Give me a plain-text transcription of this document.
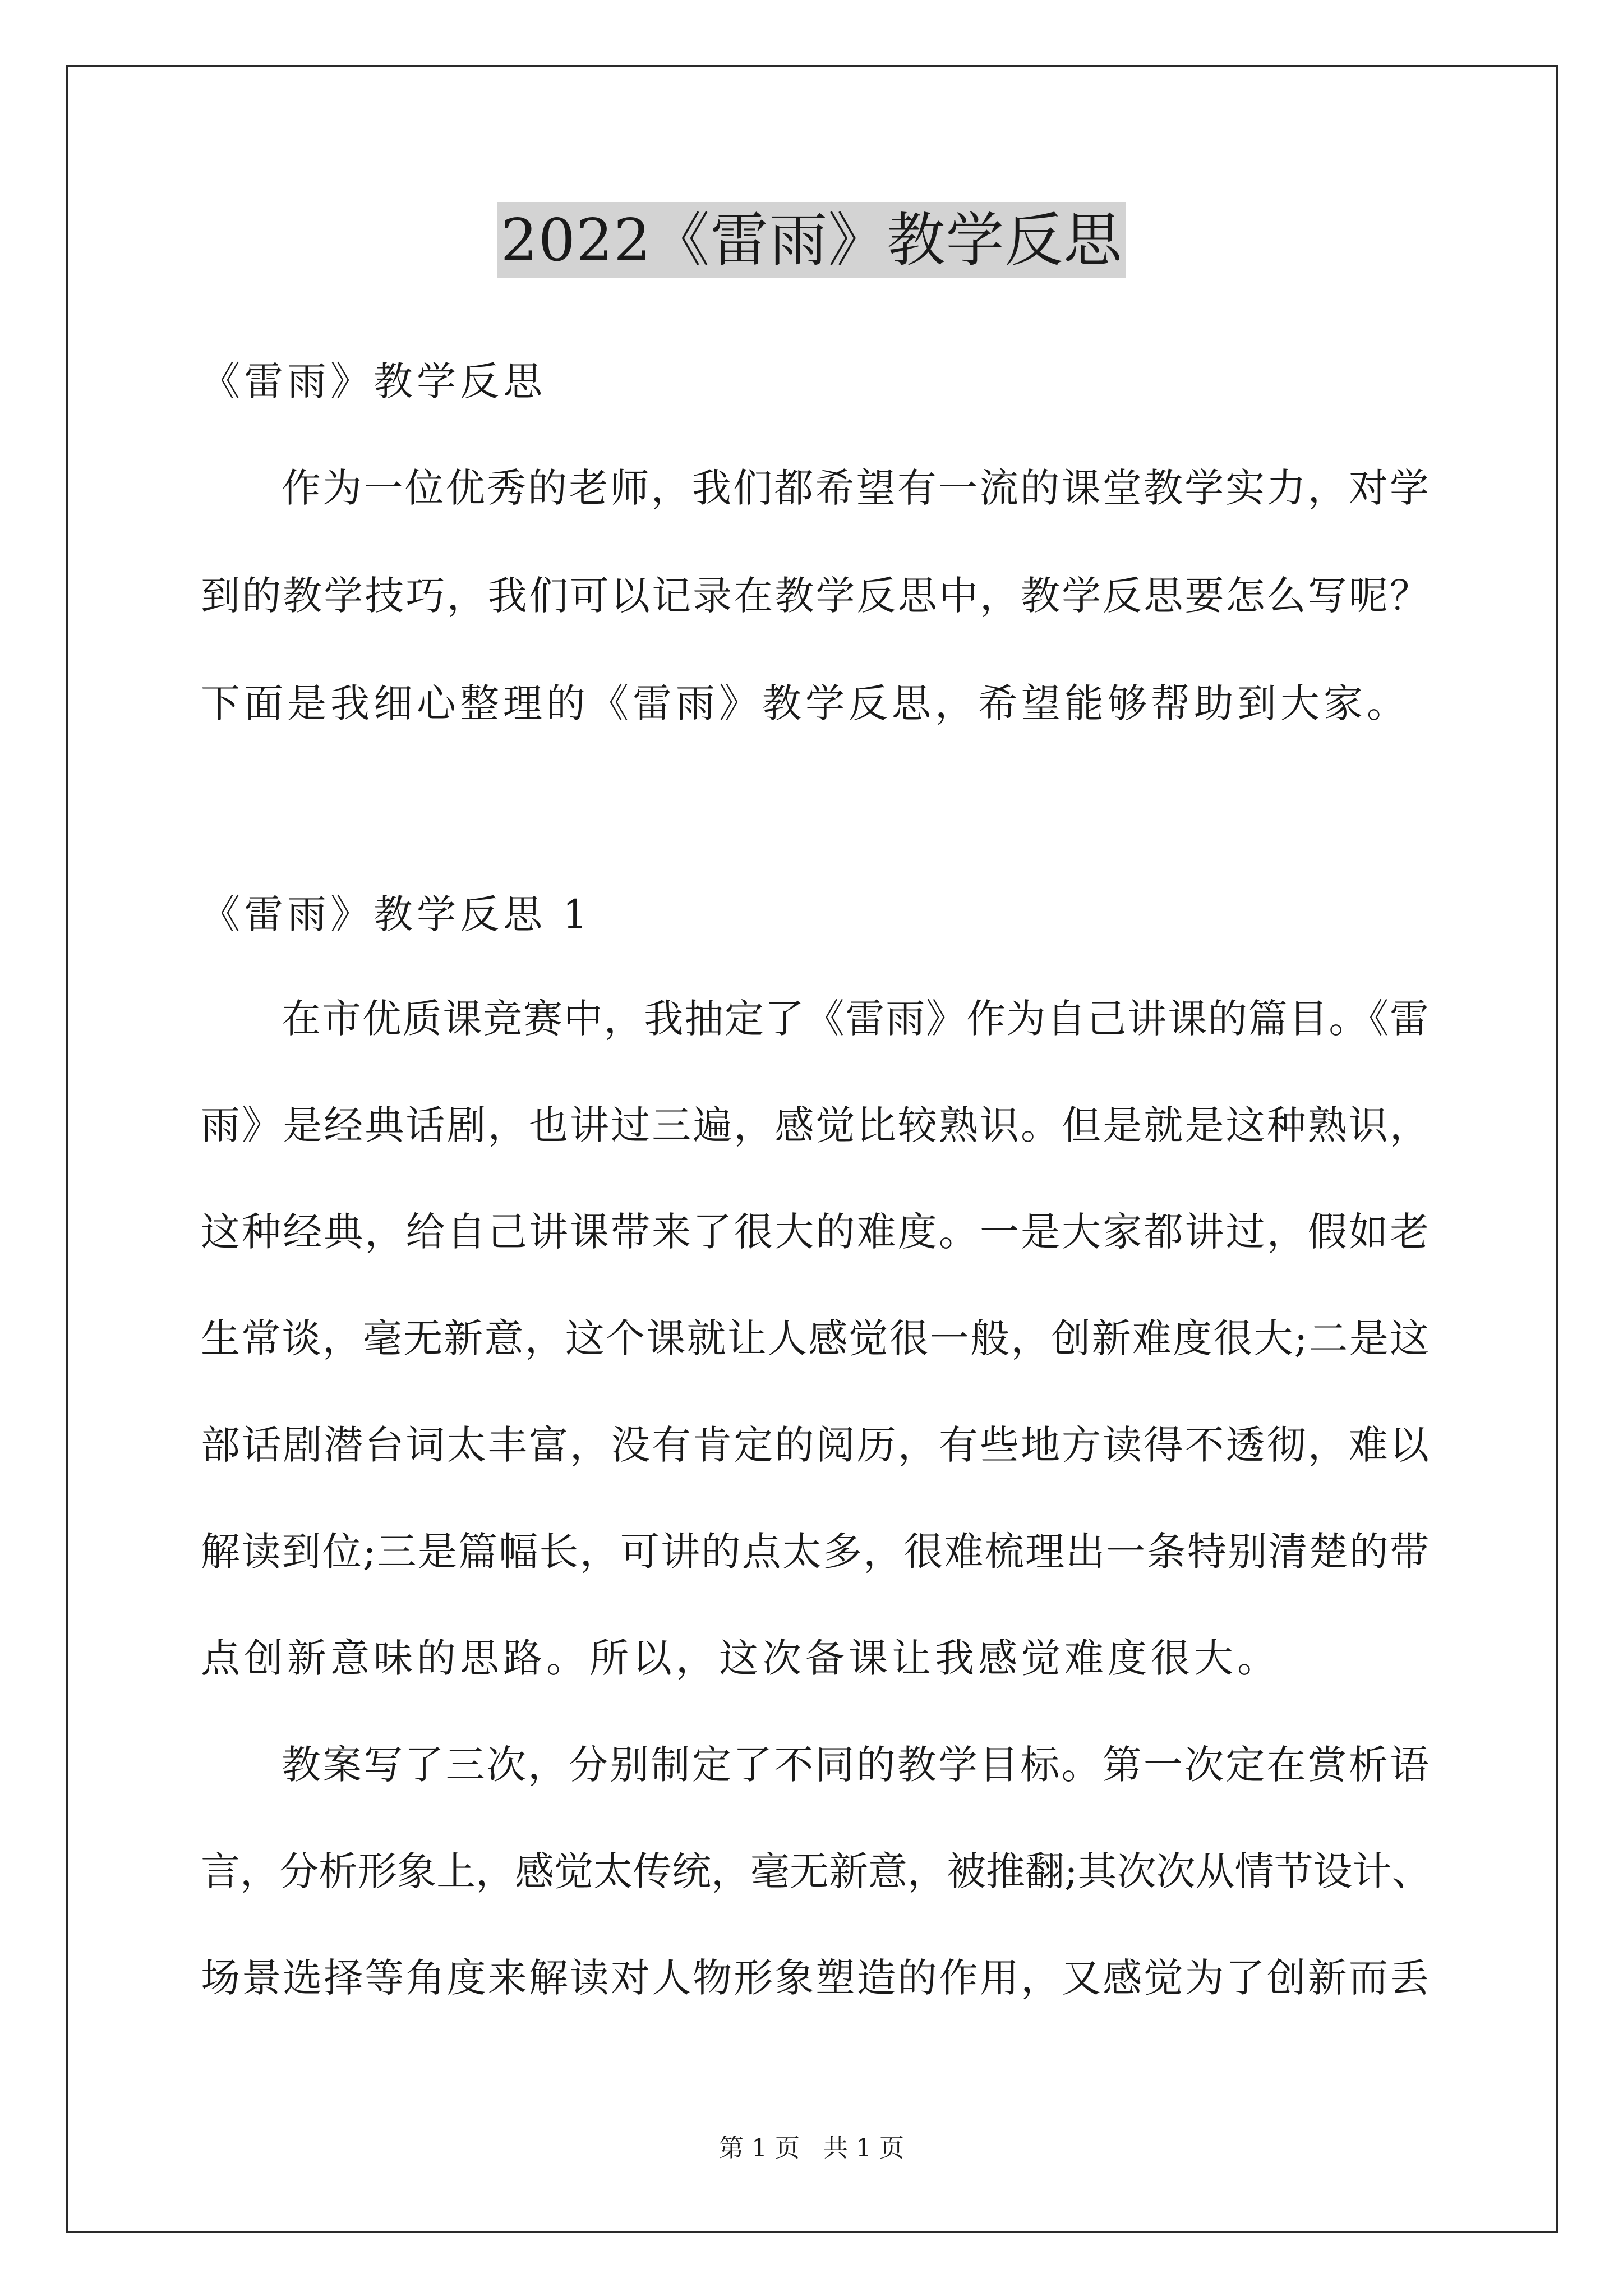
2022《雷雨》教学反思
《雷雨》教学反思
作为一位优秀的老师，我们都希望有一流的课堂教学实力，对学
到的教学技巧，我们可以记录在教学反思中，教学反思要怎么写呢？
下面是我细心整理的《雷雨》教学反思，希望能够帮助到大家。
《雷雨》教学反思 1
在市优质课竞赛中，我抽定了《雷雨》作为自己讲课的篇目。《雷
雨》是经典话剧，也讲过三遍，感觉比较熟识。但是就是这种熟识，
这种经典，给自己讲课带来了很大的难度。一是大家都讲过，假如老
生常谈，毫无新意，这个课就让人感觉很一般，创新难度很大;二是这
部话剧潜台词太丰富，没有肯定的阅历，有些地方读得不透彻，难以
解读到位;三是篇幅长，可讲的点太多，很难梳理出一条特别清楚的带
点创新意味的思路。所以，这次备课让我感觉难度很大。
教案写了三次，分别制定了不同的教学目标。第一次定在赏析语
言，分析形象上，感觉太传统，毫无新意，被推翻;其次次从情节设计、
场景选择等角度来解读对人物形象塑造的作用，又感觉为了创新而丢
第 1 页 共 1 页
